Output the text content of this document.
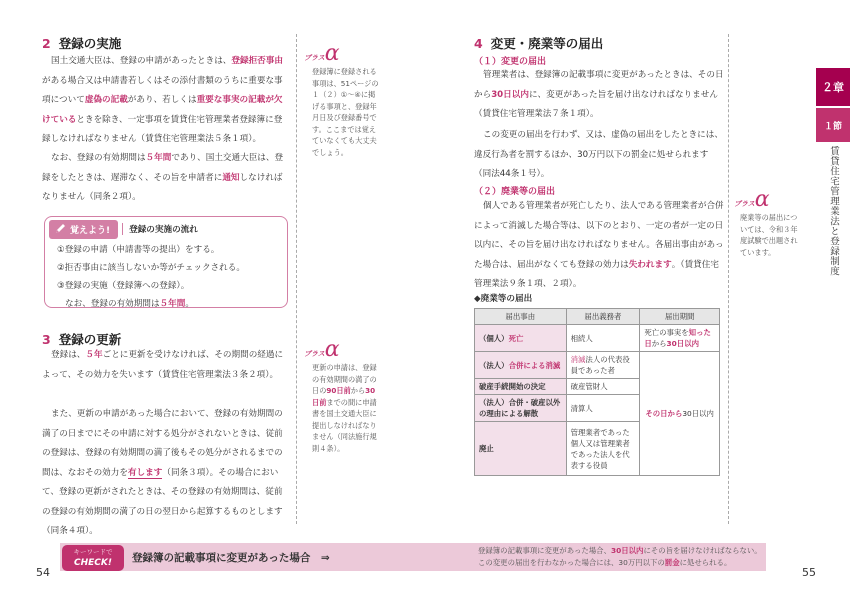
2 登録の実施
国土交通大臣は、登録の申請があったときは、登録拒否事由がある場合又は申請書若しくはその添付書類のうちに重要な事項について虚偽の記載があり、若しくは重要な事実の記載が欠けているときを除き、一定事項を賃貸住宅管理業者登録簿に登録しなければなりません（賃貸住宅管理業法５条１項）。
なお、登録の有効期間は５年間であり、国土交通大臣は、登録をしたときは、遅滞なく、その旨を申請者に通知しなければなりません（同条２項）。
覚えよう! 登録の実施の流れ
①登録の申請（申請書等の提出）をする。
②拒否事由に該当しないか等がチェックされる。
③登録の実施（登録簿への登録）。
なお、登録の有効期間は５年間。
3 登録の更新
登録は、５年ごとに更新を受けなければ、その期間の経過によって、その効力を失います（賃貸住宅管理業法３条２項）。
また、更新の申請があった場合において、登録の有効期間の満了の日までにその申請に対する処分がされないときは、従前の登録は、登録の有効期間の満了後もその処分がされるまでの間は、なおその効力を有します（同条３項）。その場合において、登録の更新がされたときは、その登録の有効期間は、従前の登録の有効期間の満了の日の翌日から起算するものとします（同条４項）。
プラス α
登録簿に登録される事項は、51ページの１（２）①～④に掲げる事項と、登録年月日及び登録番号です。ここまでは覚えていなくても大丈夫でしょう。
プラス α
更新の申請は、登録の有効期間の満了の日の90日前から30日前までの間に申請書を国土交通大臣に提出しなければなりません（同法施行規則４条）。
4 変更・廃業等の届出
（１）変更の届出
管理業者は、登録簿の記載事項に変更があったときは、その日から30日以内に、変更があった旨を届け出なければなりません（賃貸住宅管理業法７条１項）。
この変更の届出を行わず、又は、虚偽の届出をしたときには、違反行為者を罰するほか、30万円以下の罰金に処せられます（同法44条１号）。
（２）廃業等の届出
個人である管理業者が死亡したり、法人である管理業者が合併によって消滅した場合等は、以下のとおり、一定の者が一定の日以内に、その旨を届け出なければなりません。各届出事由があった場合は、届出がなくても登録の効力は失われます。（賃貸住宅管理業法９条１項、２項）。
◆廃業等の届出
届出事由	届出義務者	届出期間
（個人）死亡	相続人	死亡の事実を知った日から30日以内
（法人）合併による消滅	消滅法人の代表役員であった者	その日から30日以内
破産手続開始の決定	破産管財人	
（法人）合併・破産以外の理由による解散	清算人	
廃止	管理業者であった個人又は管理業者であった法人を代表する役員	
プラス α
廃業等の届出については、令和３年度試験で出題されています。
２章
１節
賃貸住宅管理業法と登録制度
キーワードで
CHECK!	登録簿の記載事項に変更があった場合　⇒
登録簿の記載事項に変更があった場合、30日以内にその旨を届けなければならない。この変更の届出を行わなかった場合には、30万円以下の罰金に処せられる。
54	55
